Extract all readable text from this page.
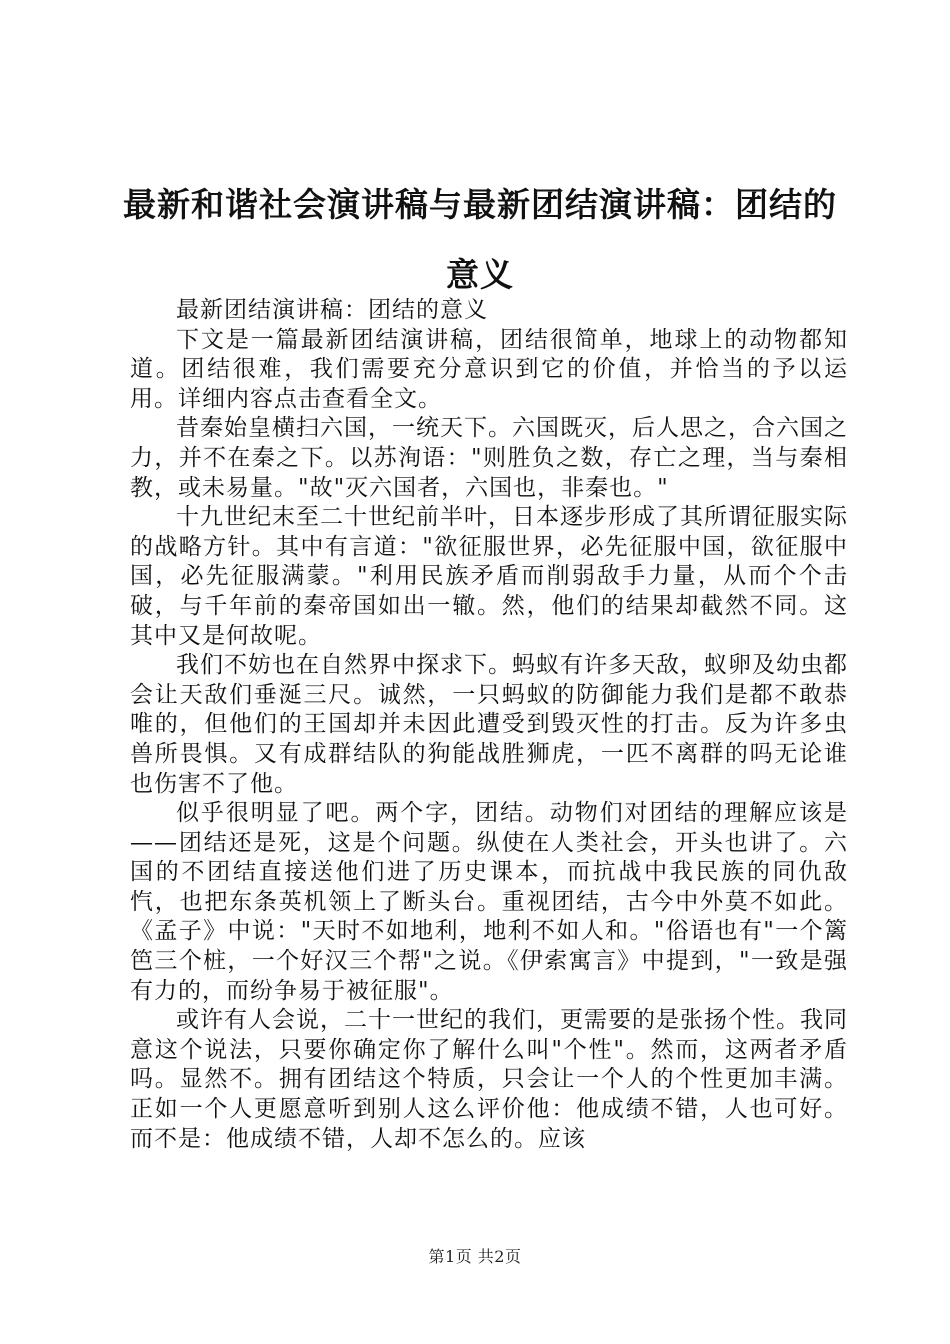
最新和谐社会演讲稿与最新团结演讲稿：团结的意义

最新团结演讲稿：团结的意义

下文是一篇最新团结演讲稿，团结很简单，地球上的动物都知道。团结很难，我们需要充分意识到它的价值，并恰当的予以运用。详细内容点击查看全文。

昔秦始皇横扫六国，一统天下。六国既灭，后人思之，合六国之力，并不在秦之下。以苏洵语："则胜负之数，存亡之理，当与秦相教，或未易量。"故"灭六国者，六国也，非秦也。"

十九世纪末至二十世纪前半叶，日本逐步形成了其所谓征服实际的战略方针。其中有言道："欲征服世界，必先征服中国，欲征服中国，必先征服满蒙。"利用民族矛盾而削弱敌手力量，从而个个击破，与千年前的秦帝国如出一辙。然，他们的结果却截然不同。这其中又是何故呢。

我们不妨也在自然界中探求下。蚂蚁有许多天敌，蚁卵及幼虫都会让天敌们垂涎三尺。诚然，一只蚂蚁的防御能力我们是都不敢恭唯的，但他们的王国却并未因此遭受到毁灭性的打击。反为许多虫兽所畏惧。又有成群结队的狗能战胜狮虎，一匹不离群的吗无论谁也伤害不了他。

似乎很明显了吧。两个字，团结。动物们对团结的理解应该是——团结还是死，这是个问题。纵使在人类社会，开头也讲了。六国的不团结直接送他们进了历史课本，而抗战中我民族的同仇敌忾，也把东条英机领上了断头台。重视团结，古今中外莫不如此。《孟子》中说："天时不如地利，地利不如人和。"俗语也有"一个篱笆三个桩，一个好汉三个帮"之说。《伊索寓言》中提到，"一致是强有力的，而纷争易于被征服"。

或许有人会说，二十一世纪的我们，更需要的是张扬个性。我同意这个说法，只要你确定你了解什么叫"个性"。然而，这两者矛盾吗。显然不。拥有团结这个特质，只会让一个人的个性更加丰满。正如一个人更愿意听到别人这么评价他：他成绩不错，人也可好。而不是：他成绩不错，人却不怎么的。应该

第1页 共2页
